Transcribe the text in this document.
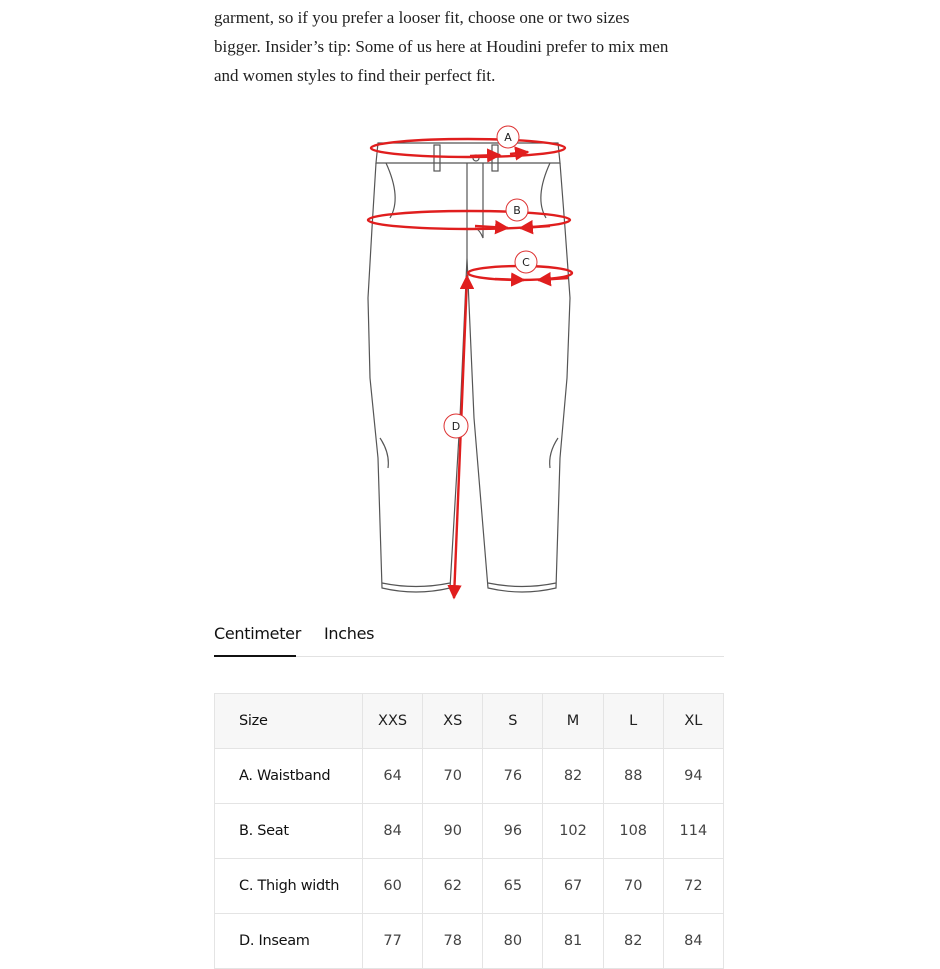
garment, so if you prefer a looser fit, choose one or two sizes
bigger. Insider’s tip: Some of us here at Houdini prefer to mix men
and women styles to find their perfect fit.
A
B
C
D
Centimeter Inches
Size	XXS	XS	S	M	L	XL
A. Waistband	64	70	76	82	88	94
B. Seat	84	90	96	102	108	114
C. Thigh width	60	62	65	67	70	72
D. Inseam	77	78	80	81	82	84
